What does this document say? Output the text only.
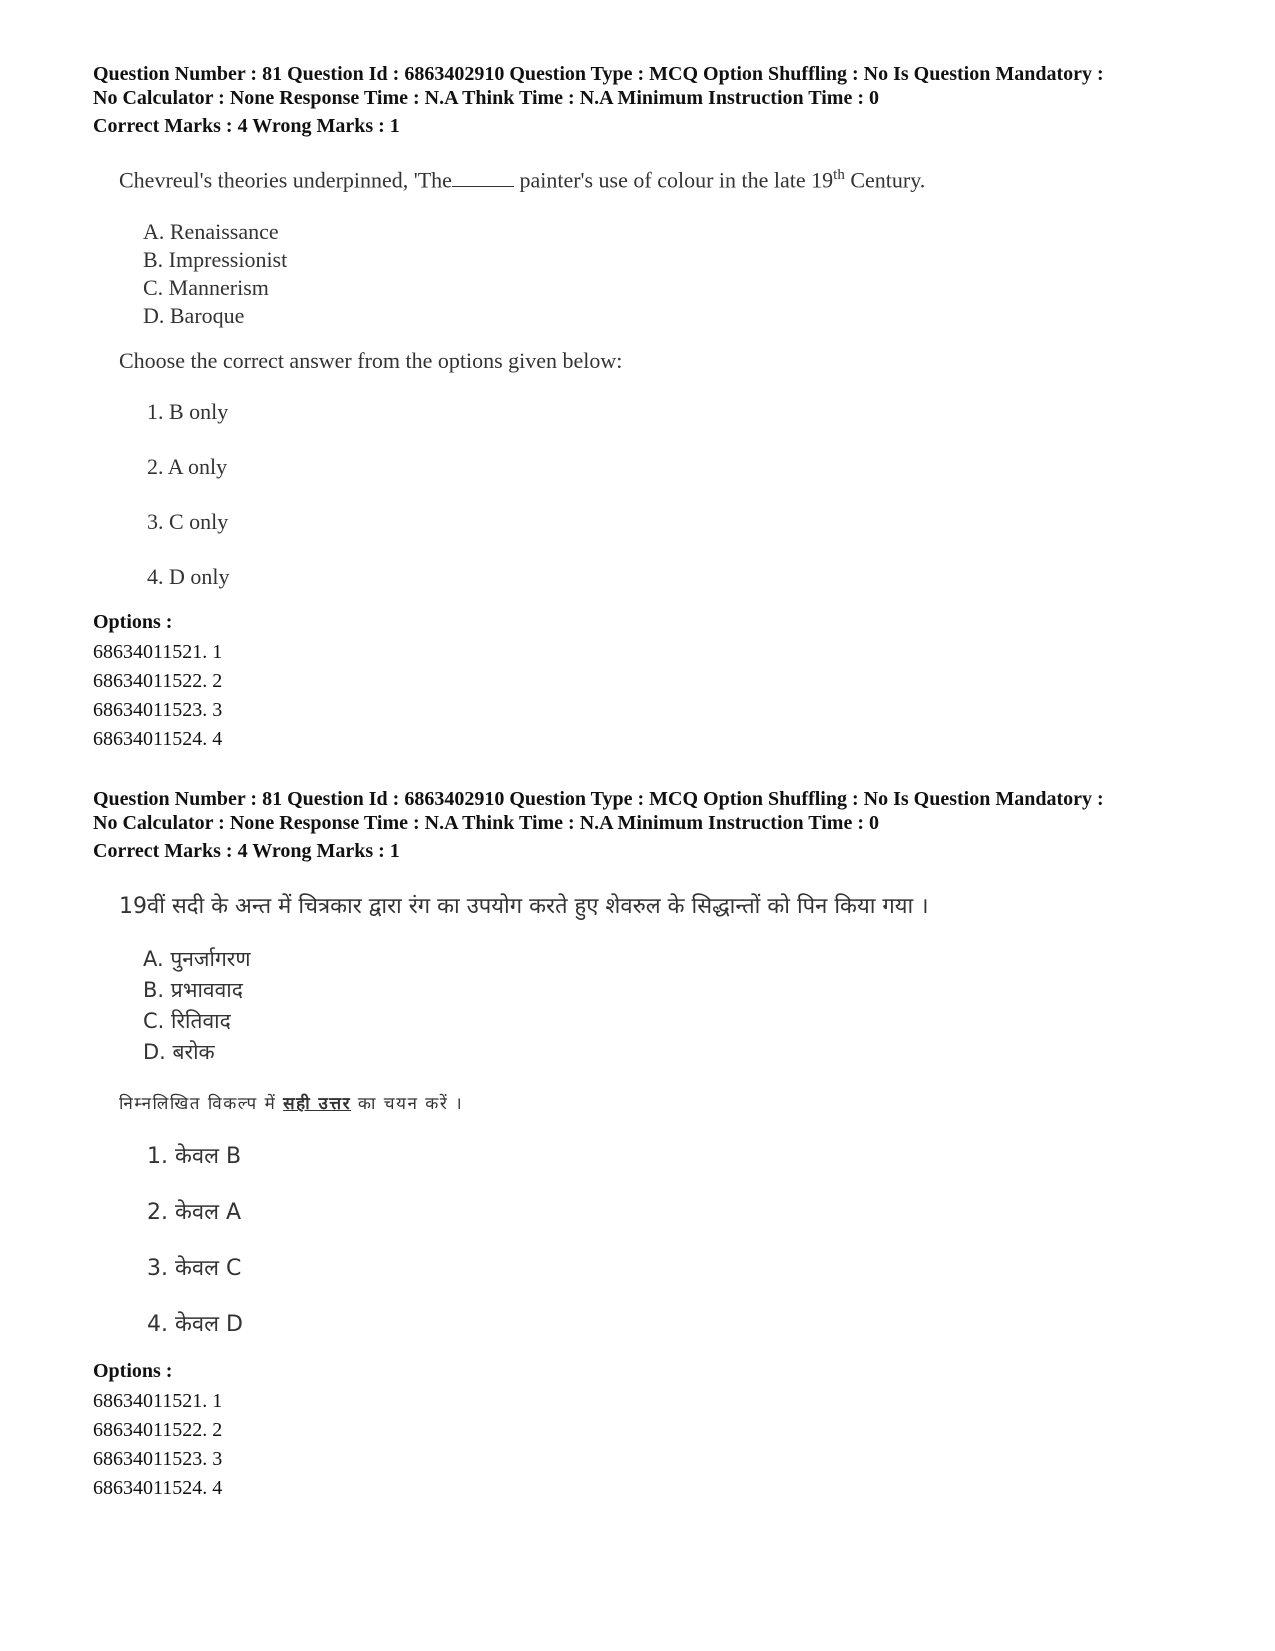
Question Number : 81 Question Id : 6863402910 Question Type : MCQ Option Shuffling : No Is Question Mandatory :
No Calculator : None Response Time : N.A Think Time : N.A Minimum Instruction Time : 0
Correct Marks : 4 Wrong Marks : 1
Chevreul's theories underpinned, 'The	painter's use of colour in the late 19th Century.
A. Renaissance
B. Impressionist
C. Mannerism
D. Baroque
Choose the correct answer from the options given below:
1. B only
2. A only
3. C only
4. D only
Options :
68634011521. 1
68634011522. 2
68634011523. 3
68634011524. 4
Question Number : 81 Question Id : 6863402910 Question Type : MCQ Option Shuffling : No Is Question Mandatory :
No Calculator : None Response Time : N.A Think Time : N.A Minimum Instruction Time : 0
Correct Marks : 4 Wrong Marks : 1
19वीं सदी के अन्त में चित्रकार द्वारा रंग का उपयोग करते हुए शेवरुल के सिद्धान्तों को पिन किया गया ।
A. पुनर्जागरण
B. प्रभाववाद
C. रितिवाद
D. बरोक
निम्नलिखित विकल्प में सही उत्तर का चयन करें ।
1. केवल B
2. केवल A
3. केवल C
4. केवल D
Options :
68634011521. 1
68634011522. 2
68634011523. 3
68634011524. 4
